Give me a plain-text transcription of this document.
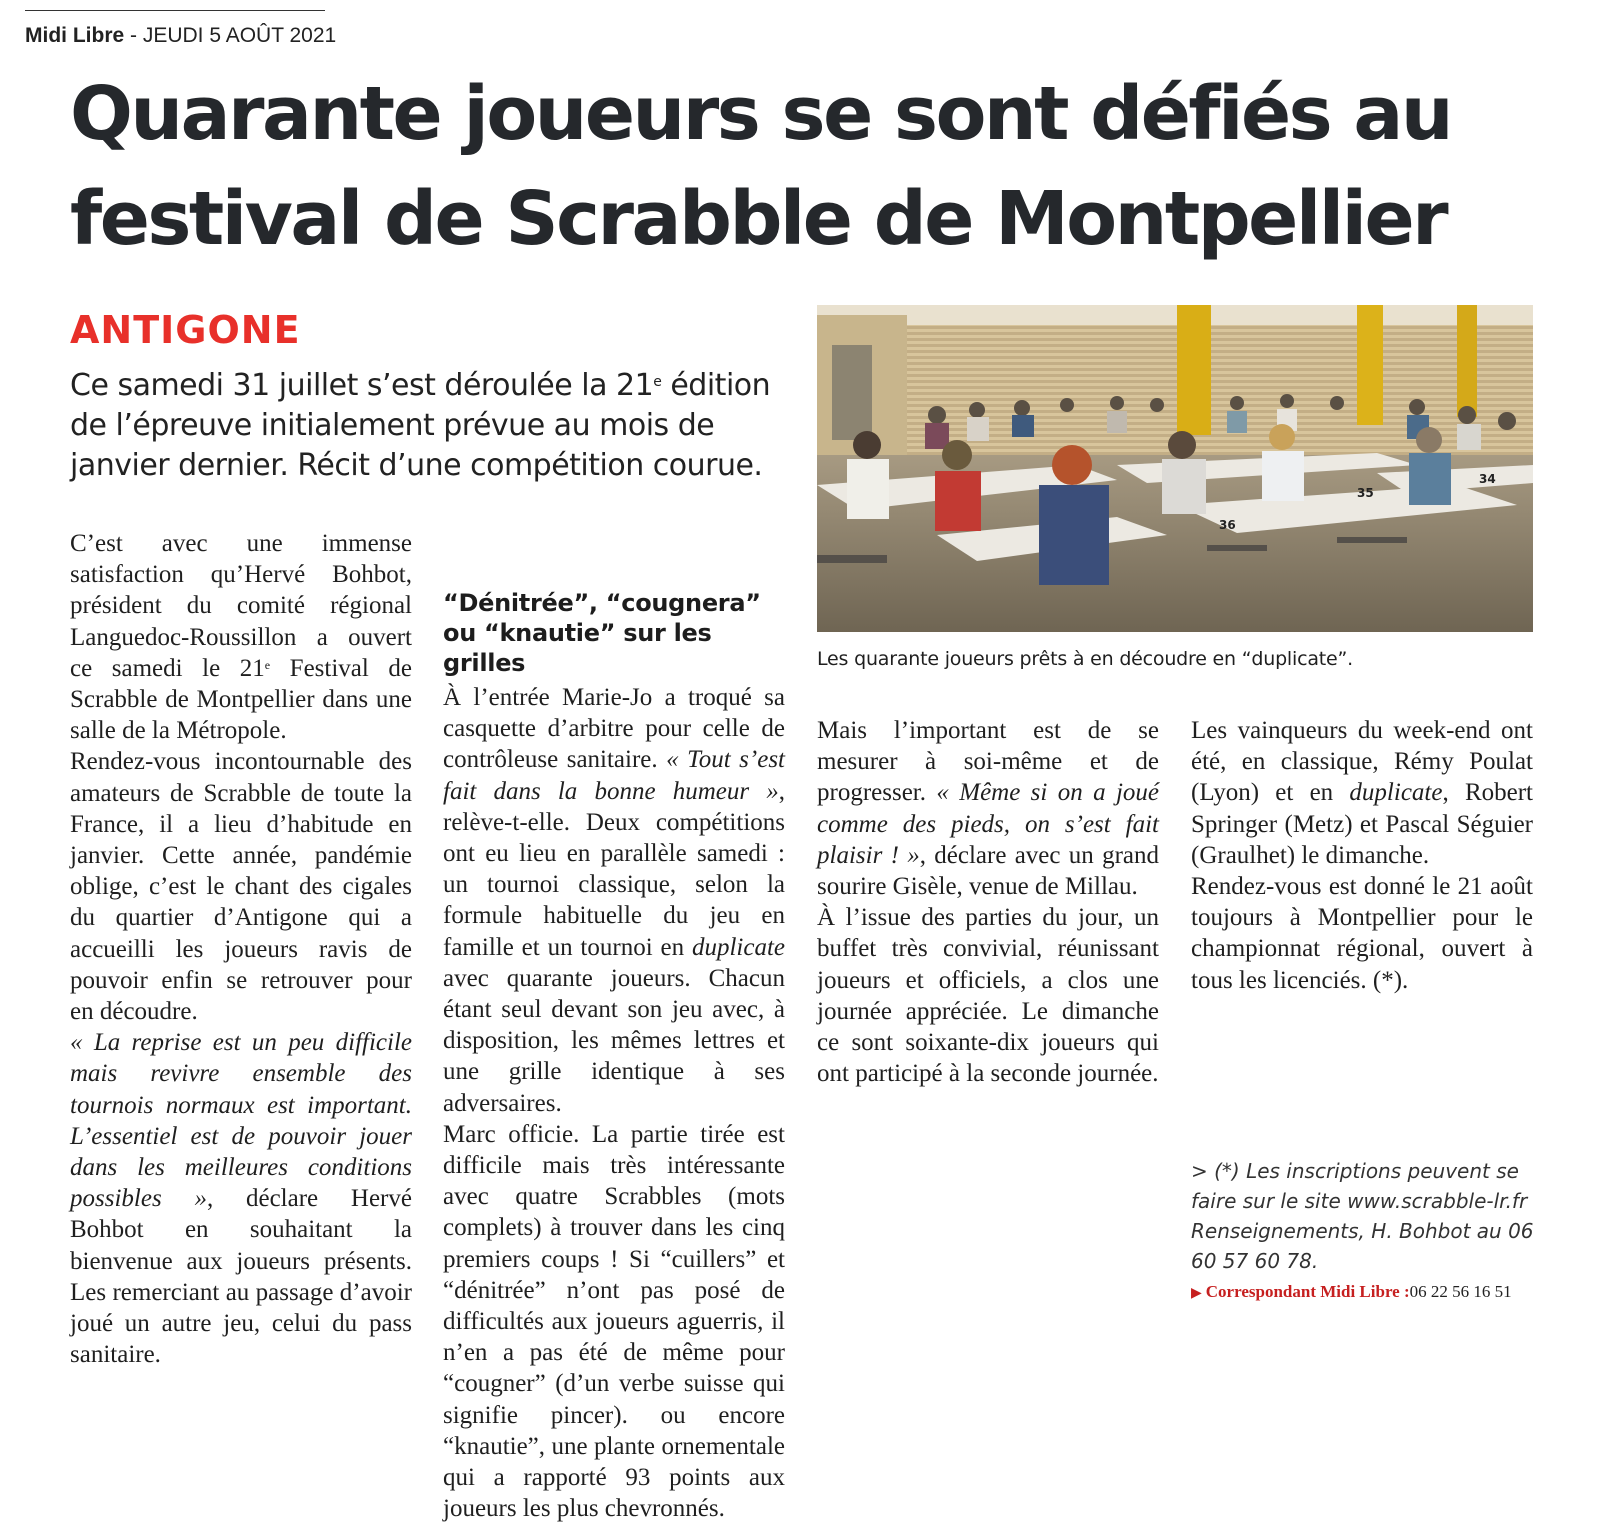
Midi Libre - JEUDI 5 AOÛT 2021
Quarante joueurs se sont défiés au
festival de Scrabble de Montpellier
ANTIGONE
Ce samedi 31 juillet s’est déroulée la 21e édition de l’épreuve initialement prévue au mois de janvier dernier. Récit d’une compétition courue.

C’est avec une immense satisfaction qu’Hervé Bohbot, président du comité régional Languedoc-Roussillon a ouvert ce samedi le 21e Festival de Scrabble de Montpellier dans une salle de la Métropole.

Rendez-vous incontournable des amateurs de Scrabble de toute la France, il a lieu d’habitude en janvier. Cette année, pandémie oblige, c’est le chant des cigales du quartier d’Antigone qui a accueilli les joueurs ravis de pouvoir enfin se retrouver pour en découdre.

« La reprise est un peu difficile mais revivre ensemble des tournois normaux est important. L’essentiel est de pouvoir jouer dans les meilleures conditions possibles », déclare Hervé Bohbot en souhaitant la bienvenue aux joueurs présents. Les remerciant au passage d’avoir joué un autre jeu, celui du pass sanitaire.

“Dénitrée”, “cougnera” ou “knautie” sur les grilles

À l’entrée Marie-Jo a troqué sa casquette d’arbitre pour celle de contrôleuse sanitaire. « Tout s’est fait dans la bonne humeur », relève-t-elle. Deux compétitions ont eu lieu en parallèle samedi : un tournoi classique, selon la formule habituelle du jeu en famille et un tournoi en duplicate avec quarante joueurs. Chacun étant seul devant son jeu avec, à disposition, les mêmes lettres et une grille identique à ses adversaires.

Marc officie. La partie tirée est difficile mais très intéressante avec quatre Scrabbles (mots complets) à trouver dans les cinq premiers coups ! Si “cuillers” et “dénitrée” n’ont pas posé de difficultés aux joueurs aguerris, il n’en a pas été de même pour “cougner” (d’un verbe suisse qui signifie pincer). ou encore “knautie”, une plante ornementale qui a rapporté 93 points aux joueurs les plus chevronnés.

36
35
34
Les quarante joueurs prêts à en découdre en “duplicate”.

Mais l’important est de se mesurer à soi-même et de progresser. « Même si on a joué comme des pieds, on s’est fait plaisir ! », déclare avec un grand sourire Gisèle, venue de Millau.

À l’issue des parties du jour, un buffet très convivial, réunissant joueurs et officiels, a clos une journée appréciée. Le dimanche ce sont soixante-dix joueurs qui ont participé à la seconde journée.

Les vainqueurs du week-end ont été, en classique, Rémy Poulat (Lyon) et en duplicate, Robert Springer (Metz) et Pascal Séguier (Graulhet) le dimanche.

Rendez-vous est donné le 21 août toujours à Montpellier pour le championnat régional, ouvert à tous les licenciés. (*).

> (*) Les inscriptions peuvent se faire sur le site www.scrabble-lr.fr Renseignements, H. Bohbot au 06 60 57 60 78.
▶ Correspondant Midi Libre :06 22 56 16 51
